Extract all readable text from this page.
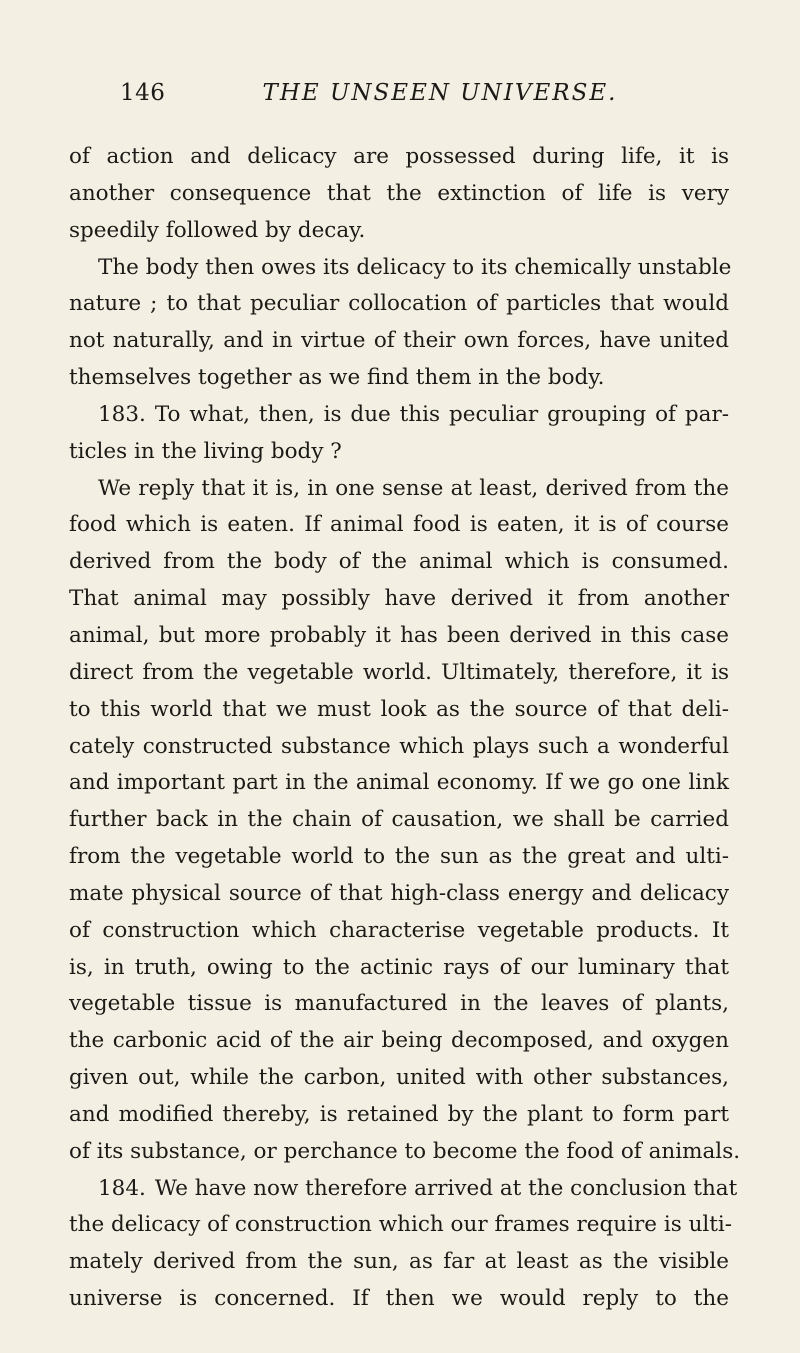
146	THE UNSEEN UNIVERSE.
of action and delicacy are possessed during life, it is
another consequence that the extinction of life is very
speedily followed by decay.
The body then owes its delicacy to its chemically unstable
nature ; to that peculiar collocation of particles that would
not naturally, and in virtue of their own forces, have united
themselves together as we find them in the body.
183. To what, then, is due this peculiar grouping of par-
ticles in the living body ?
We reply that it is, in one sense at least, derived from the
food which is eaten. If animal food is eaten, it is of course
derived from the body of the animal which is consumed.
That animal may possibly have derived it from another
animal, but more probably it has been derived in this case
direct from the vegetable world. Ultimately, therefore, it is
to this world that we must look as the source of that deli-
cately constructed substance which plays such a wonderful
and important part in the animal economy. If we go one link
further back in the chain of causation, we shall be carried
from the vegetable world to the sun as the great and ulti-
mate physical source of that high-class energy and delicacy
of construction which characterise vegetable products. It
is, in truth, owing to the actinic rays of our luminary that
vegetable tissue is manufactured in the leaves of plants,
the carbonic acid of the air being decomposed, and oxygen
given out, while the carbon, united with other substances,
and modified thereby, is retained by the plant to form part
of its substance, or perchance to become the food of animals.
184. We have now therefore arrived at the conclusion that
the delicacy of construction which our frames require is ulti-
mately derived from the sun, as far at least as the visible
universe is concerned. If then we would reply to the
